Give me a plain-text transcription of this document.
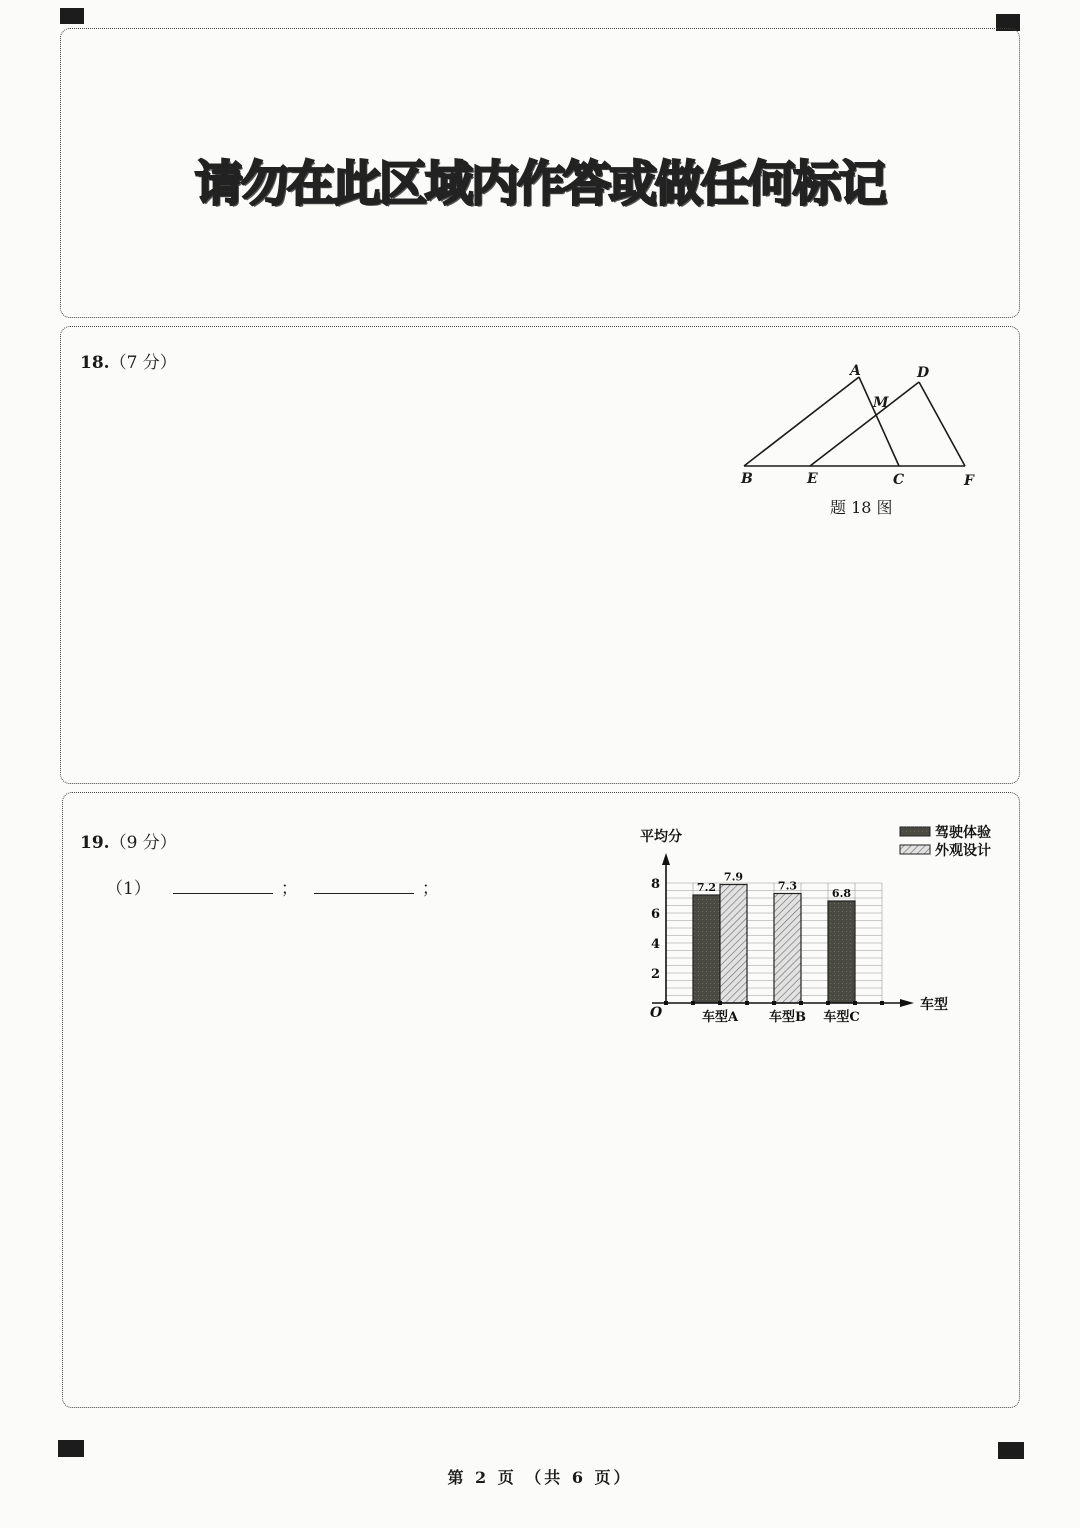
请勿在此区域内作答或做任何标记
18.（7 分）	A
B	C
D
E	F
M
题 18 图
19.（9 分）
（1）	；	；	7.2
7.9
车型A
7.3
车型B
6.8
车型C
2
4
6
8
O
平均分
车型
驾驶体验
外观设计
第 2 页 （共 6 页）
